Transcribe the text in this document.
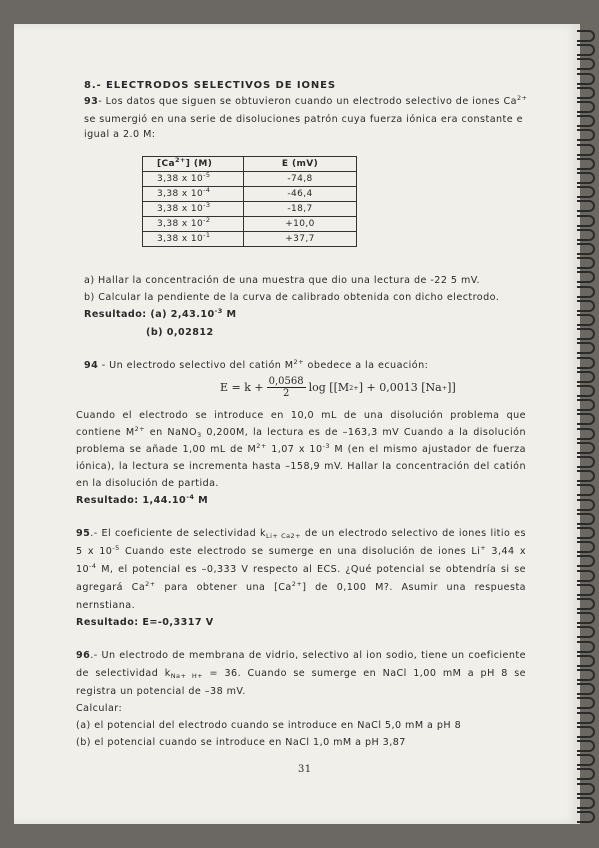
8.- ELECTRODOS SELECTIVOS DE IONES
93- Los datos que siguen se obtuvieron cuando un electrodo selectivo de iones $Ca^{2+}$
se sumergió en una serie de disoluciones patrón cuya fuerza iónica era constante e
igual a 2.0 M:
$[Ca^{2+}]$ (M)	E (mV)
3,38 x $10^{-5}$	-74,8
3,38 x $10^{-4}$	-46,4
3,38 x $10^{-3}$	-18,7
3,38 x $10^{-2}$	+10,0
3,38 x $10^{-1}$	+37,7
a) Hallar la concentración de una muestra que dio una lectura de -22 5 mV.
b) Calcular la pendiente de la curva de calibrado obtenida con dicho electrodo.
Resultado: (a) $2,43.10^{-3}$ M
(b) 0,02812
94 - Un electrodo selectivo del catión $M^{2+}$ obedece a la ecuación:
$E = k + \frac{0,0568}{2}$ log [[M 2+ ] + 0,0013 [Na + ]]
Cuando el electrodo se introduce en 10,0 mL de una disolución problema que
contiene $M^{2+}$ en NaNO$_3$ 0,200M, la lectura es de –163,3 mV Cuando a la disolución
problema se añade 1,00 mL de $M^{2+}$ 1,07 x $10^{-3}$ M (en el mismo ajustador de fuerza
iónica), la lectura se incrementa hasta –158,9 mV. Hallar la concentración del catión
en la disolución de partida.
Resultado: $1,44.10^{-4}$ M
95.- El coeficiente de selectividad $k_{Li+ Ca2+}$ de un electrodo selectivo de iones litio es
5 x $10^{-5}$ Cuando este electrodo se sumerge en una disolución de iones Li+ 3,44 x
$10^{-4}$ M, el potencial es –0,333 V respecto al ECS. ¿Qué potencial se obtendría si se
agregará $Ca^{2+}$ para obtener una $[Ca^{2+}]$ de 0,100 M?. Asumir una respuesta
nernstiana.
Resultado: E=-0,3317 V
96.- Un electrodo de membrana de vidrio, selectivo al ion sodio, tiene un coeficiente
de selectividad $k_{Na+ H+} = 36$. Cuando se sumerge en NaCl 1,00 mM a pH 8 se
registra un potencial de –38 mV.
Calcular:
(a) el potencial del electrodo cuando se introduce en NaCl 5,0 mM a pH 8
(b) el potencial cuando se introduce en NaCl 1,0 mM a pH 3,87
31
